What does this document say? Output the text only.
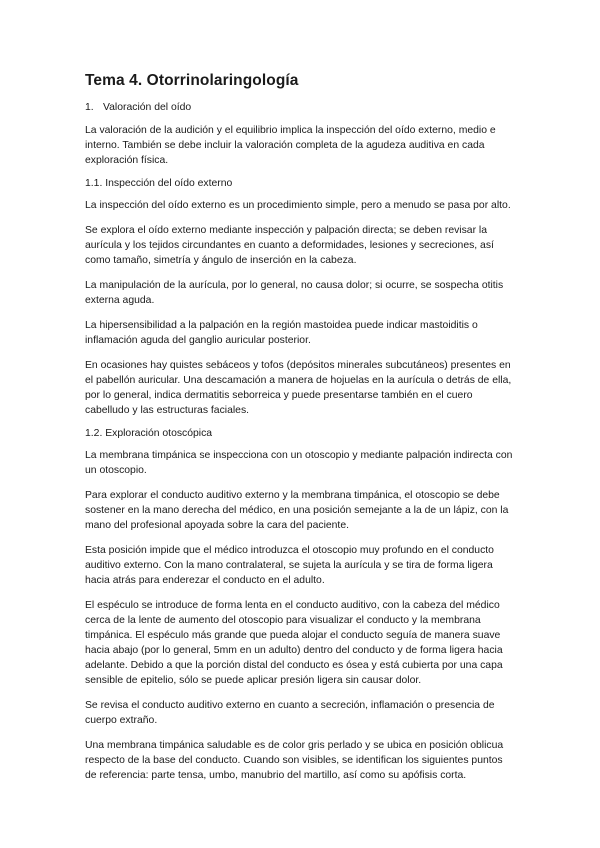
Tema 4. Otorrinolaringología
1. Valoración del oído

La valoración de la audición y el equilibrio implica la inspección del oído externo, medio e interno. También se debe incluir la valoración completa de la agudeza auditiva en cada exploración física.

1.1. Inspección del oído externo

La inspección del oído externo es un procedimiento simple, pero a menudo se pasa por alto.

Se explora el oído externo mediante inspección y palpación directa; se deben revisar la aurícula y los tejidos circundantes en cuanto a deformidades, lesiones y secreciones, así como tamaño, simetría y ángulo de inserción en la cabeza.

La manipulación de la aurícula, por lo general, no causa dolor; si ocurre, se sospecha otitis externa aguda.

La hipersensibilidad a la palpación en la región mastoidea puede indicar mastoiditis o inflamación aguda del ganglio auricular posterior.

En ocasiones hay quistes sebáceos y tofos (depósitos minerales subcutáneos) presentes en el pabellón auricular. Una descamación a manera de hojuelas en la aurícula o detrás de ella, por lo general, indica dermatitis seborreica y puede presentarse también en el cuero cabelludo y las estructuras faciales.

1.2. Exploración otoscópica

La membrana timpánica se inspecciona con un otoscopio y mediante palpación indirecta con un otoscopio.

Para explorar el conducto auditivo externo y la membrana timpánica, el otoscopio se debe sostener en la mano derecha del médico, en una posición semejante a la de un lápiz, con la mano del profesional apoyada sobre la cara del paciente.

Esta posición impide que el médico introduzca el otoscopio muy profundo en el conducto auditivo externo. Con la mano contralateral, se sujeta la aurícula y se tira de forma ligera hacia atrás para enderezar el conducto en el adulto.

El espéculo se introduce de forma lenta en el conducto auditivo, con la cabeza del médico cerca de la lente de aumento del otoscopio para visualizar el conducto y la membrana timpánica. El espéculo más grande que pueda alojar el conducto seguía de manera suave hacia abajo (por lo general, 5mm en un adulto) dentro del conducto y de forma ligera hacia adelante. Debido a que la porción distal del conducto es ósea y está cubierta por una capa sensible de epitelio, sólo se puede aplicar presión ligera sin causar dolor.

Se revisa el conducto auditivo externo en cuanto a secreción, inflamación o presencia de cuerpo extraño.

Una membrana timpánica saludable es de color gris perlado y se ubica en posición oblicua respecto de la base del conducto. Cuando son visibles, se identifican los siguientes puntos de referencia: parte tensa, umbo, manubrio del martillo, así como su apófisis corta.
